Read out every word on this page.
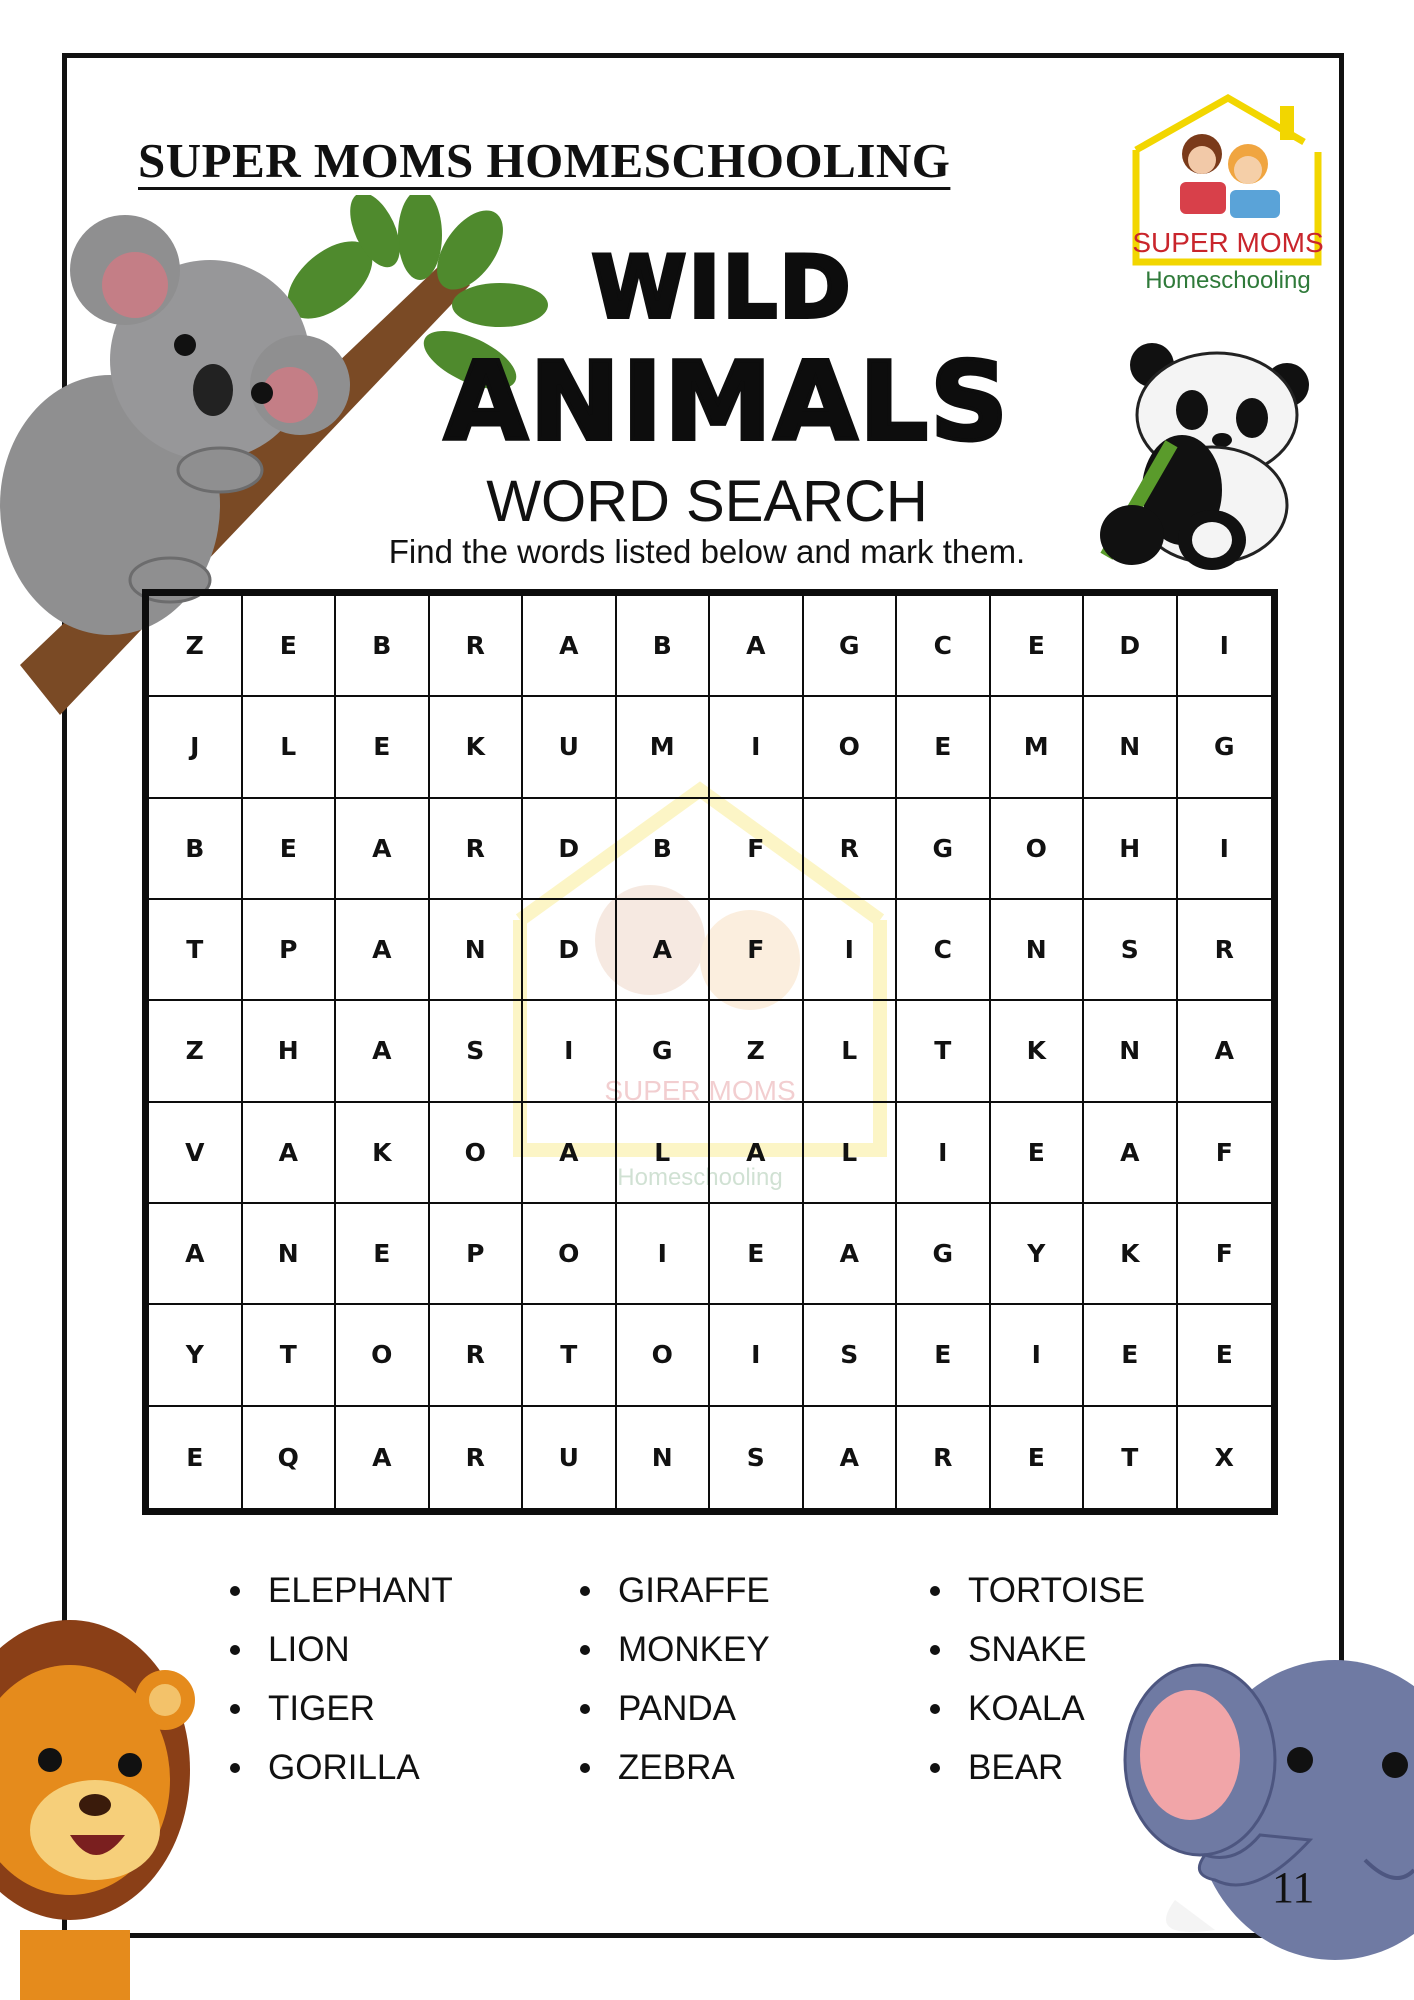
SUPER MOMS
Homeschooling
SUPER MOMS HOMESCHOOLING
SUPER MOMS
Homeschooling
WILD
ANIMALS
WORD SEARCH

Find the words listed below and mark them.

Z	E	B	R	A	B	A	G	C	E	D	I
J	L	E	K	U	M	I	O	E	M	N	G
B	E	A	R	D	B	F	R	G	O	H	I
T	P	A	N	D	A	F	I	C	N	S	R
Z	H	A	S	I	G	Z	L	T	K	N	A
V	A	K	O	A	L	A	L	I	E	A	F
A	N	E	P	O	I	E	A	G	Y	K	F
Y	T	O	R	T	O	I	S	E	I	E	E
E	Q	A	R	U	N	S	A	R	E	T	X
ELEPHANT	GIRAFFE	TORTOISE
LION	MONKEY	SNAKE
TIGER	PANDA	KOALA
GORILLA	ZEBRA	BEAR
11
